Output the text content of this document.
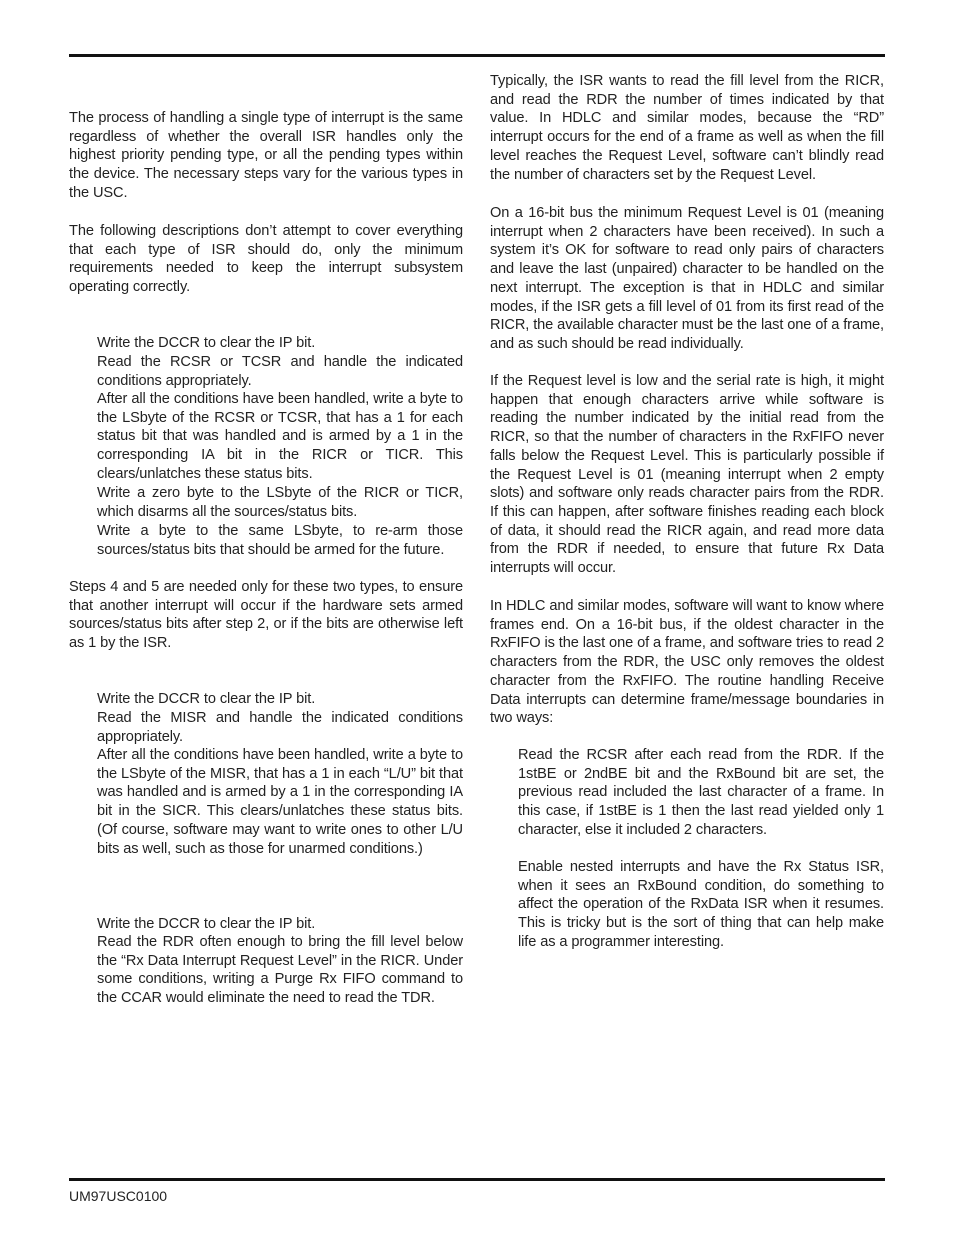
The process of handling a single type of interrupt is the same regardless of whether the overall ISR handles only the highest priority pending type, or all the pending types within the device. The necessary steps vary for the various types in the USC.

The following descriptions don’t attempt to cover everything that each type of ISR should do, only the minimum requirements needed to keep the interrupt subsystem operating correctly.

Write the DCCR to clear the IP bit.

Read the RCSR or TCSR and handle the indicated conditions appropriately.

After all the conditions have been handled, write a byte to the LSbyte of the RCSR or TCSR, that has a 1 for each status bit that was handled and is armed by a 1 in the corresponding IA bit in the RICR or TICR. This clears/unlatches these status bits.

Write a zero byte to the LSbyte of the RICR or TICR, which disarms all the sources/status bits.

Write a byte to the same LSbyte, to re-arm those sources/status bits that should be armed for the future.

Steps 4 and 5 are needed only for these two types, to ensure that another interrupt will occur if the hardware sets armed sources/status bits after step 2, or if the bits are otherwise left as 1 by the ISR.

Write the DCCR to clear the IP bit.

Read the MISR and handle the indicated conditions appropriately.

After all the conditions have been handled, write a byte to the LSbyte of the MISR, that has a 1 in each “L/U” bit that was handled and is armed by a 1 in the corresponding IA bit in the SICR. This clears/unlatches these status bits. (Of course, software may want to write ones to other L/U bits as well, such as those for unarmed conditions.)

Write the DCCR to clear the IP bit.

Read the RDR often enough to bring the fill level below the “Rx Data Interrupt Request Level” in the RICR. Under some conditions, writing a Purge Rx FIFO command to the CCAR would eliminate the need to read the TDR.

Typically, the ISR wants to read the fill level from the RICR, and read the RDR the number of times indicated by that value. In HDLC and similar modes, because the “RD” interrupt occurs for the end of a frame as well as when the fill level reaches the Request Level, software can’t blindly read the number of characters set by the Request Level.

On a 16-bit bus the minimum Request Level is 01 (meaning interrupt when 2 characters have been received). In such a system it’s OK for software to read only pairs of characters and leave the last (unpaired) character to be handled on the next interrupt. The exception is that in HDLC and similar modes, if the ISR gets a fill level of 01 from its first read of the RICR, the available character must be the last one of a frame, and as such should be read individually.

If the Request level is low and the serial rate is high, it might happen that enough characters arrive while software is reading the number indicated by the initial read from the RICR, so that the number of characters in the RxFIFO never falls below the Request Level. This is particularly possible if the Request Level is 01 (meaning interrupt when 2 empty slots) and software only reads character pairs from the RDR. If this can happen, after software finishes reading each block of data, it should read the RICR again, and read more data from the RDR if needed, to ensure that future Rx Data interrupts will occur.

In HDLC and similar modes, software will want to know where frames end. On a 16-bit bus, if the oldest character in the RxFIFO is the last one of a frame, and software tries to read 2 characters from the RDR, the USC only removes the oldest character from the RxFIFO. The routine handling Receive Data interrupts can determine frame/message boundaries in two ways:

Read the RCSR after each read from the RDR. If the 1stBE or 2ndBE bit and the RxBound bit are set, the previous read included the last character of a frame. In this case, if 1stBE is 1 then the last read yielded only 1 character, else it included 2 characters.

Enable nested interrupts and have the Rx Status ISR, when it sees an RxBound condition, do something to affect the operation of the RxData ISR when it resumes. This is tricky but is the sort of thing that can help make life as a programmer interesting.

UM97USC0100
